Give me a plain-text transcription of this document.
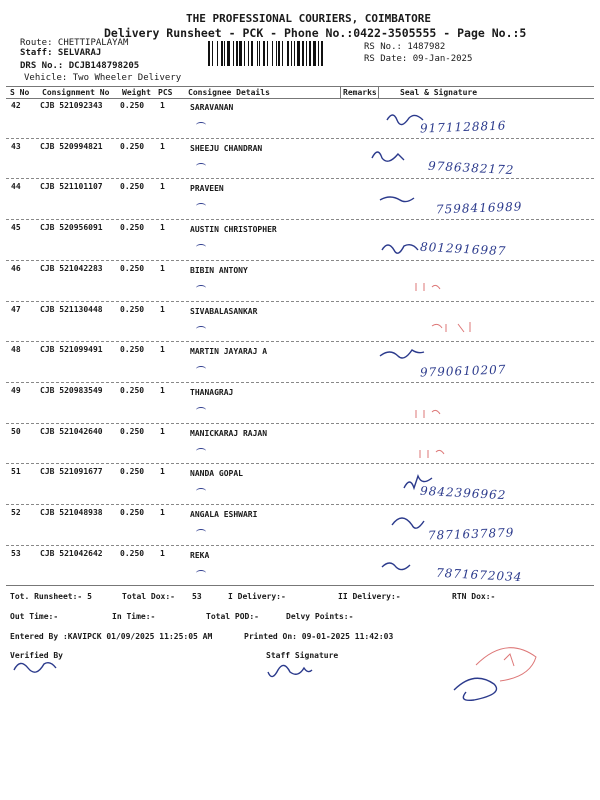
THE PROFESSIONAL COURIERS, COIMBATORE
Delivery Runsheet - PCK - Phone No.:0422-3505555 - Page No.:5
Route: CHETTIPALAYAM
Staff: SELVARAJ
DRS No.: DCJB148798205
Vehicle: Two Wheeler Delivery
RS No.: 1487982
RS Date: 09-Jan-2025
S No Consignment No Weight PCS Consignee Details	Remarks	Seal & Signature
42 CJB 521092343 0.250 1	SARAVANAN
9171128816
43 CJB 520994821 0.250 1	SHEEJU CHANDRAN
9786382172
44 CJB 521101107 0.250 1	PRAVEEN
7598416989
45 CJB 520956091 0.250 1	AUSTIN CHRISTOPHER
8012916987
46 CJB 521042283 0.250 1	BIBIN ANTONY
47 CJB 521130448 0.250 1	SIVABALASANKAR
48 CJB 521099491 0.250 1	MARTIN JAYARAJ A
9790610207
49 CJB 520983549 0.250 1	THANAGRAJ
50 CJB 521042640 0.250 1	MANICKARAJ RAJAN
51 CJB 521091677 0.250 1	NANDA GOPAL
9842396962
52 CJB 521048938 0.250 1	ANGALA ESHWARI
7871637879
53 CJB 521042642 0.250 1	REKA
7871672034
Tot. Runsheet:- 5	Total Dox:- 53	I Delivery:-	II Delivery:-	RTN Dox:-
Out Time:-	In Time:-	Total POD:-	Delvy Points:-
Entered By :KAVIPCK 01/09/2025 11:25:05 AM	Printed On: 09-01-2025 11:42:03
Verified By	Staff Signature
